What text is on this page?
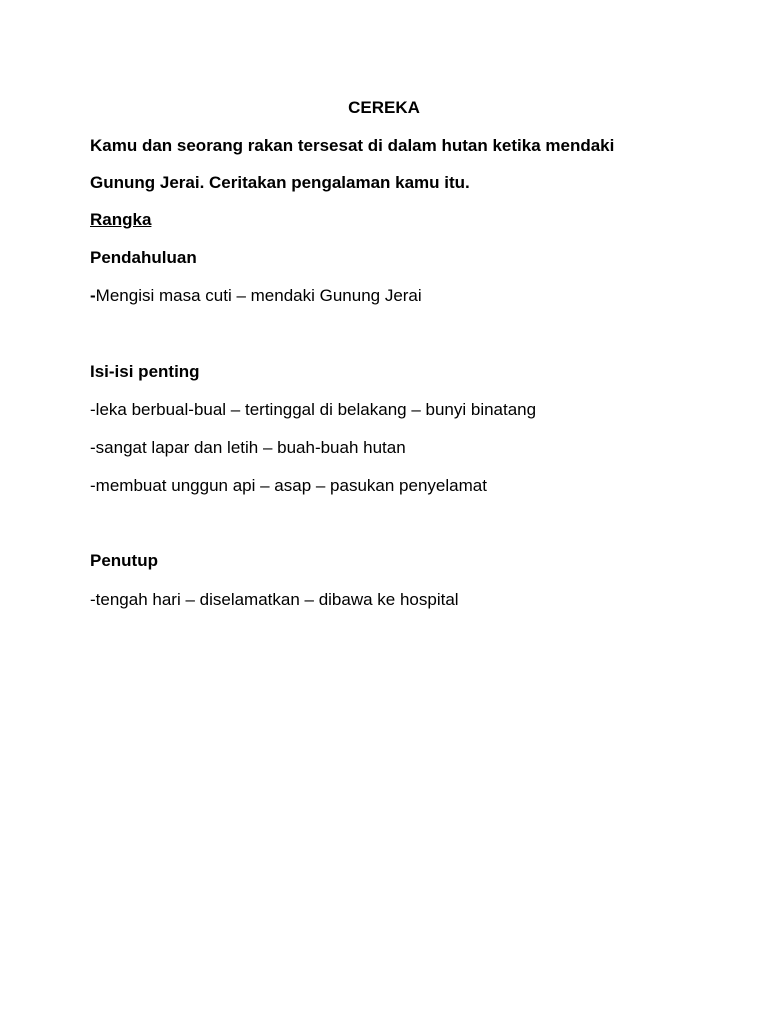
CEREKA
Kamu dan seorang rakan tersesat di dalam hutan ketika mendaki
Gunung Jerai. Ceritakan pengalaman kamu itu.
Rangka
Pendahuluan
-Mengisi masa cuti – mendaki Gunung Jerai
Isi-isi penting
-leka berbual-bual – tertinggal di belakang – bunyi binatang
-sangat lapar dan letih – buah-buah hutan
-membuat unggun api – asap – pasukan penyelamat
Penutup
-tengah hari – diselamatkan – dibawa ke hospital
